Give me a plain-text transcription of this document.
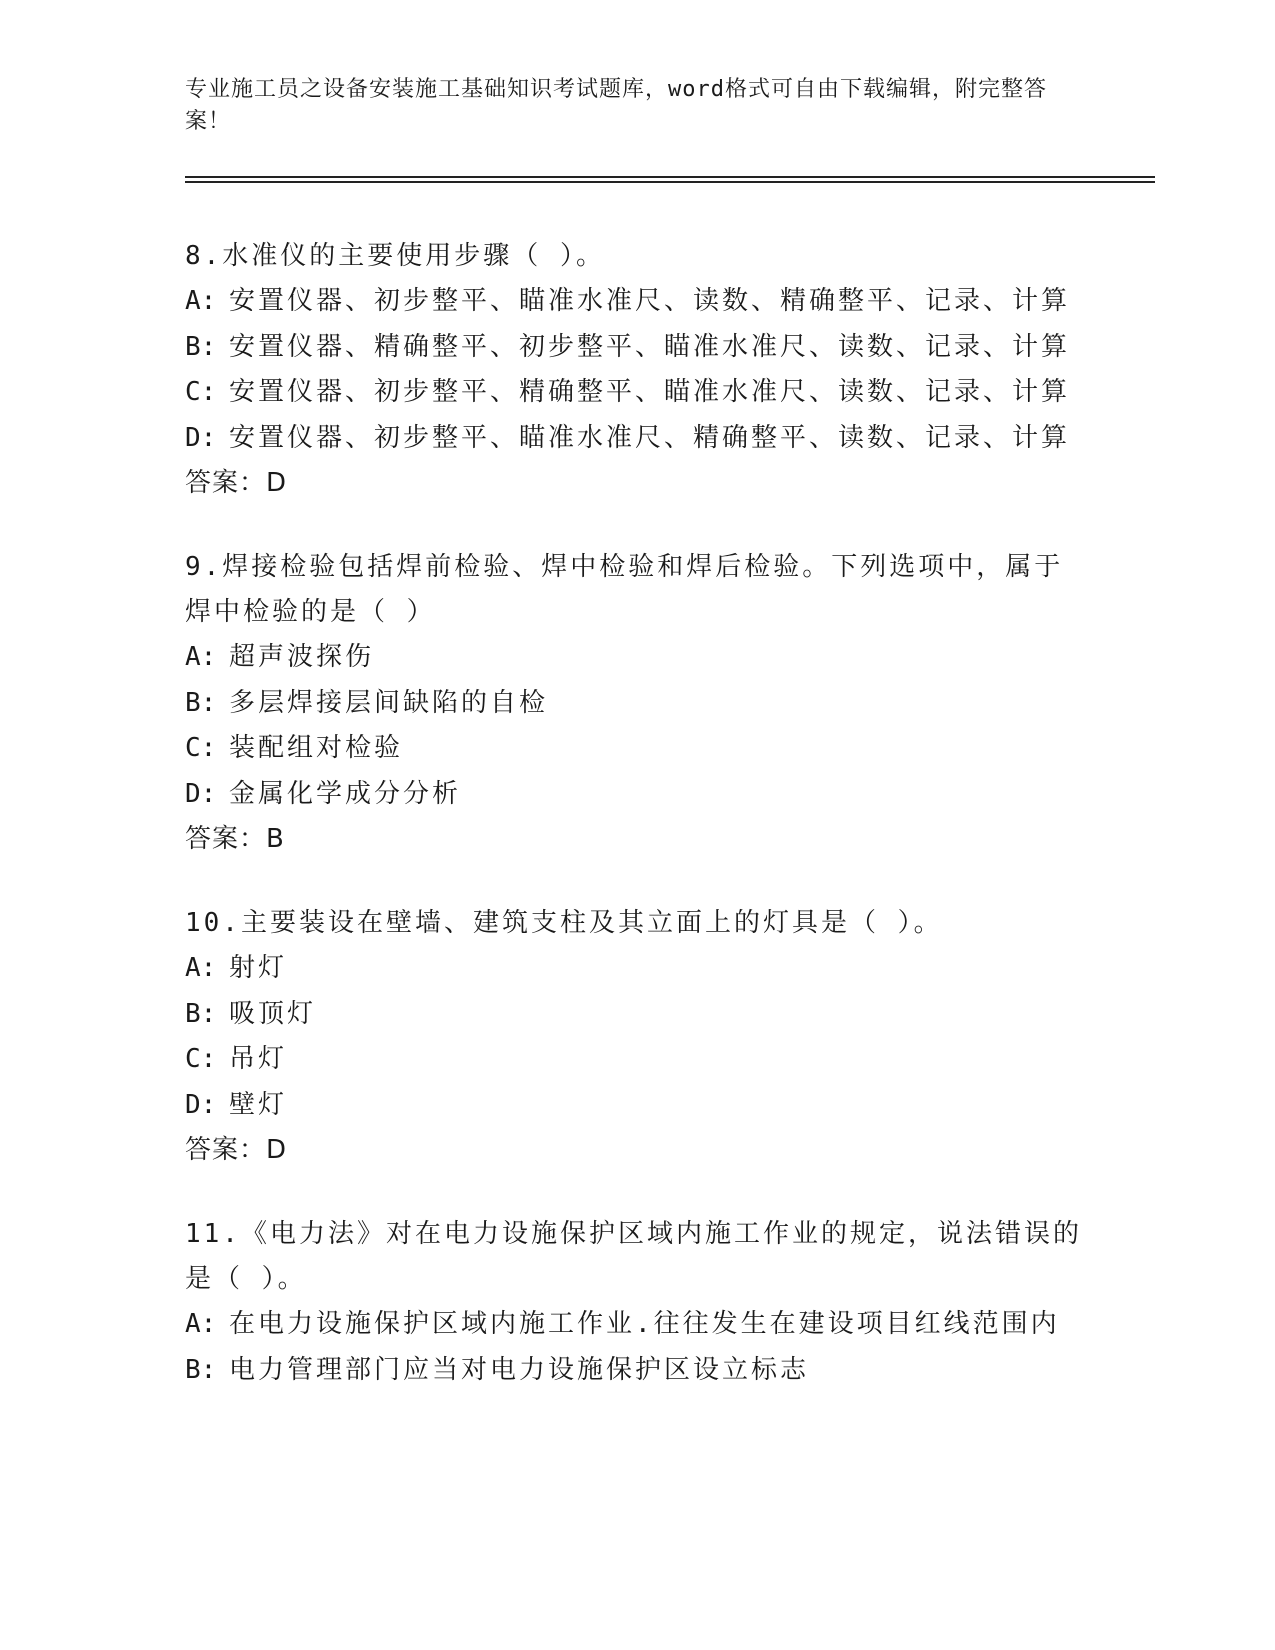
专业施工员之设备安装施工基础知识考试题库，word格式可自由下载编辑，附完整答案！
8.水准仪的主要使用步骤（ ）。
A: 安置仪器、初步整平、瞄准水准尺、读数、精确整平、记录、计算
B: 安置仪器、精确整平、初步整平、瞄准水准尺、读数、记录、计算
C: 安置仪器、初步整平、精确整平、瞄准水准尺、读数、记录、计算
D: 安置仪器、初步整平、瞄准水准尺、精确整平、读数、记录、计算
答案：D
9.焊接检验包括焊前检验、焊中检验和焊后检验。下列选项中，属于焊中检验的是（ ）
A: 超声波探伤
B: 多层焊接层间缺陷的自检
C: 装配组对检验
D: 金属化学成分分析
答案：B
10.主要装设在壁墙、建筑支柱及其立面上的灯具是（ ）。
A: 射灯
B: 吸顶灯
C: 吊灯
D: 壁灯
答案：D
11.《电力法》对在电力设施保护区域内施工作业的规定，说法错误的是（ ）。
A: 在电力设施保护区域内施工作业.往往发生在建设项目红线范围内
B: 电力管理部门应当对电力设施保护区设立标志
